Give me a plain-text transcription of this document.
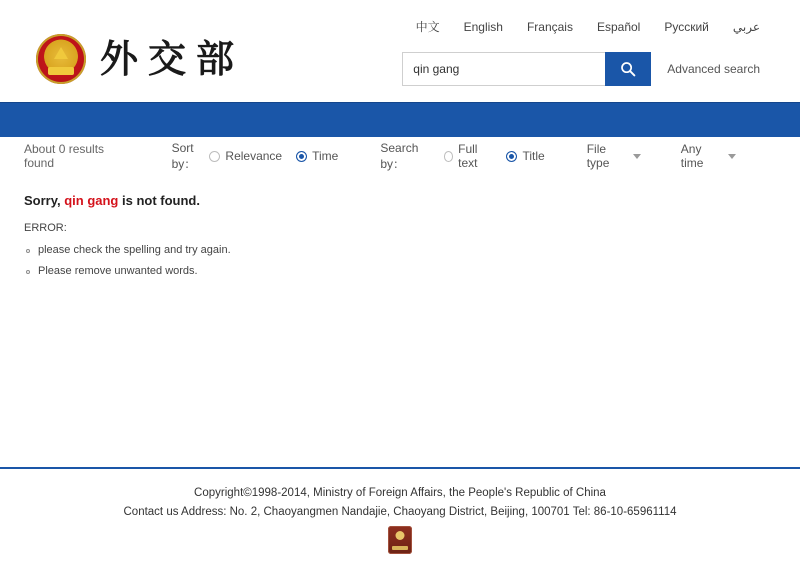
中文 English Français Español Русский عربي
外交部
qin gang	Advanced search
About 0 results found
Sort by：
Relevance	Time
Search by：
Full text	Title	File type
Any time
Sorry, qin gang is not found.
ERROR:
please check the spelling and try again.
Please remove unwanted words.
Copyright©1998-2014, Ministry of Foreign Affairs, the People's Republic of China
Contact us Address: No. 2, Chaoyangmen Nandajie, Chaoyang District, Beijing, 100701 Tel: 86-10-65961114
